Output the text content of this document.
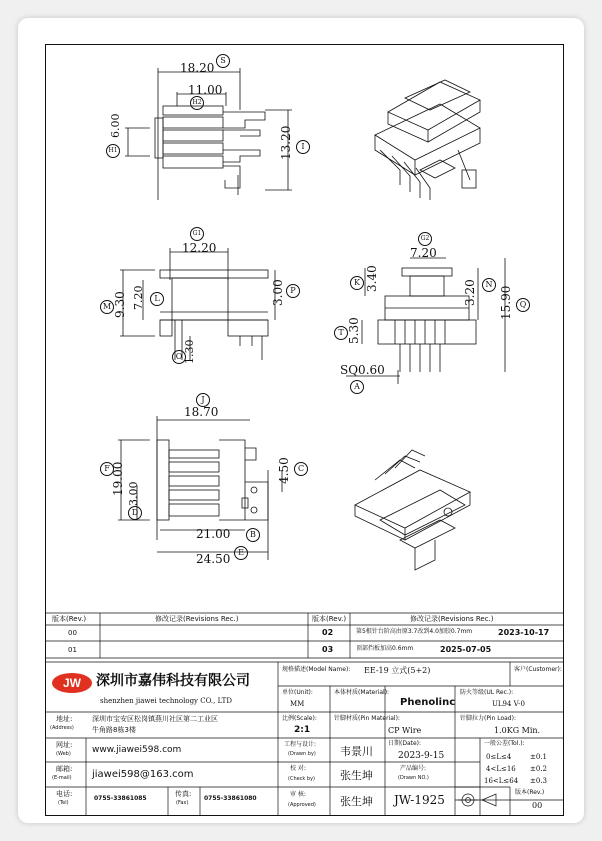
18.20
S
11.00
H2
H1
6.00	13.20	I
G1
12.20
M 9.30 7.20	L	3.00 P
1.30
O
G2
7.20
K 3.40
3.20	N
T 5.30
15.90 Q
SQ0.60
A
J
18.70
F 19.00 3.00
D
4.50 C
21.00	B
24.50 E
版本(Rev.)	修改记录(Revisions Rec.)	版本(Rev.)	修改记录(Revisions Rec.)
00
01
02	第5根针台阶高由原3.7改到4.0加胶0.7mm	2023-10-17
03	顶部挡板加高0.6mm	2025-07-05
JW	深圳市嘉伟科技有限公司
shenzhen jiawei technology CO., LTD
地址:
(Address)
深圳市宝安区松岗镇燕川社区第二工业区
牛角路8栋3楼
网址:
(Web) www.jiawei598.com
邮箱:
(E-mail) jiawei598@163.com
电话:
(Tel)
0755-33861085
传真:
(Fax)
0755-33861080
规格描述(Model Name): EE-19 立式(5+2)	客户(Customer):
单位(Unit):
MM
本体材质(Material):
Phenolinc
防火等级(UL Rec.):
UL94 V-0
比例(Scale):
2:1
针脚材质(Pin Material):
CP Wire
针脚拉力(Pin Load):
1.0KG Min.
工程与设计:
(Drawn by) 韦景川
日期(Date):
2023-9-15
一般公差(Tol.):
0≤L≤4	±0.1
4<L≤16 ±0.2
16<L≤64 ±0.3
校 对:
(Check by) 张生坤
产品编号:
(Drawn NO.)
审 核:
(Approved) 张生坤 JW-1925
版本(Rev.)
00
